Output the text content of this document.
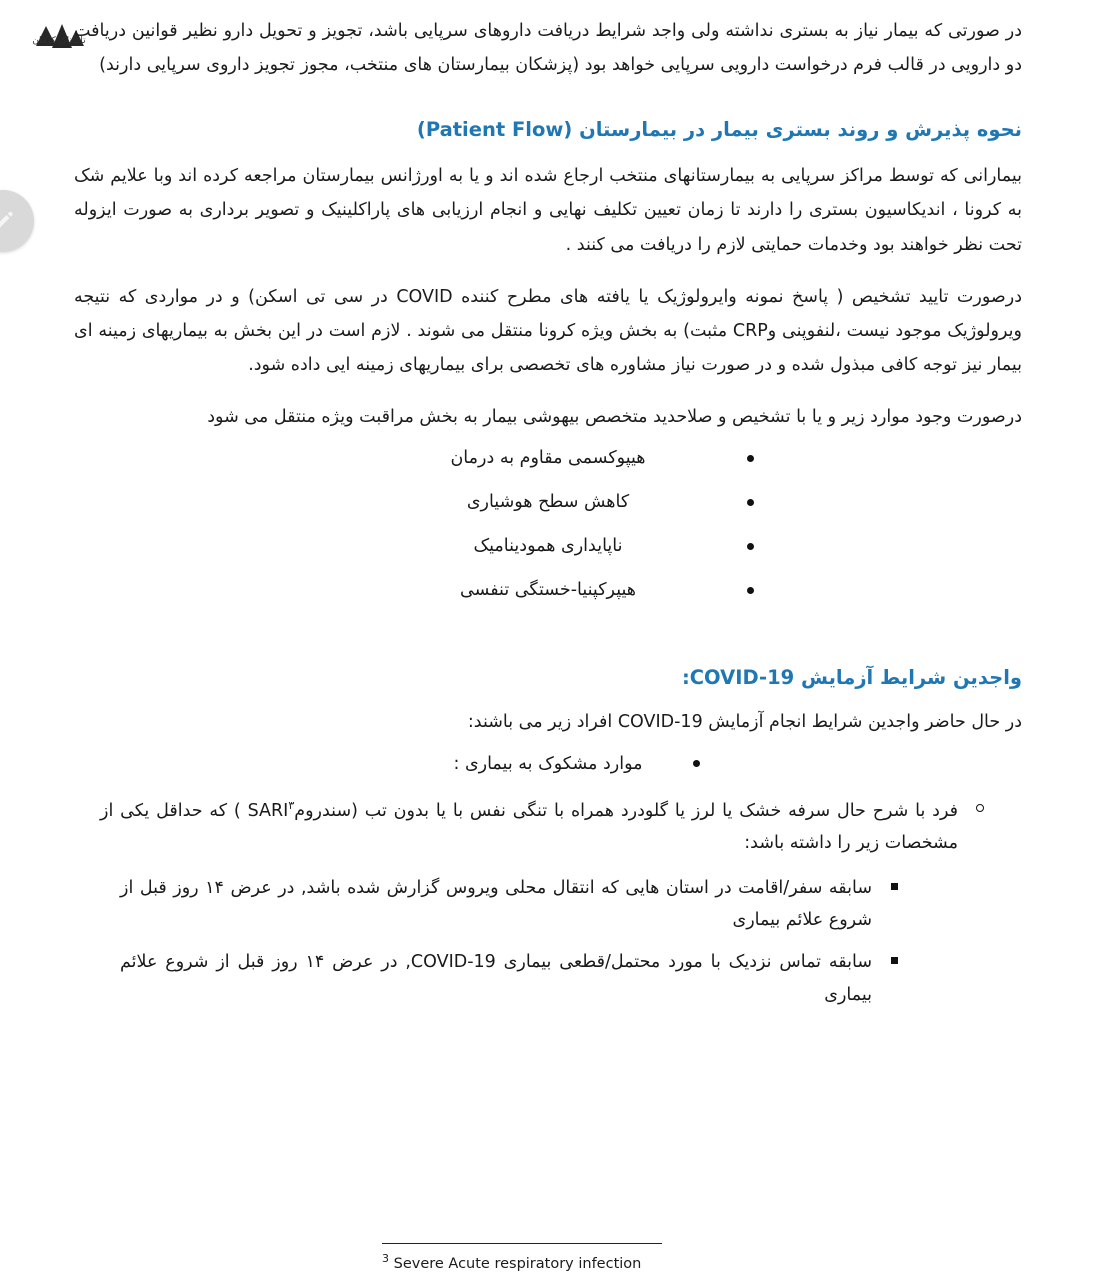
تاپ‌ناک کرمان

در صورتی که بیمار نیاز به بستری نداشته ولی واجد شرایط دریافت داروهای سرپایی باشد، تجویز و تحویل دارو نظیر قوانین دریافت دو دارویی در قالب فرم درخواست دارویی سرپایی خواهد بود (پزشکان بیمارستان های منتخب، مجوز تجویز داروی سرپایی دارند)

نحوه پذیرش و روند بستری بیمار در بیمارستان (Patient Flow)

بیمارانی که توسط مراکز سرپایی به بیمارستانهای منتخب ارجاع شده اند و یا به اورژانس بیمارستان مراجعه کرده اند وبا علایم شک به کرونا ، اندیکاسیون بستری را دارند تا زمان تعیین تکلیف نهایی و انجام ارزیابی های پاراکلینیک و تصویر برداری به صورت ایزوله تحت نظر خواهند بود وخدمات حمایتی لازم را دریافت می کنند .

درصورت تایید تشخیص ( پاسخ نمونه وایرولوژیک یا یافته های مطرح کننده COVID در سی تی اسکن) و در مواردی که نتیجه ویرولوژیک موجود نیست ،لنفوپنی وCRP مثبت) به بخش ویژه کرونا منتقل می شوند . لازم است در این بخش به بیماریهای زمینه ای بیمار نیز توجه کافی مبذول شده و در صورت نیاز مشاوره های تخصصی برای بیماریهای زمینه ایی داده شود.

درصورت وجود موارد زیر و یا با تشخیص و صلاحدید متخصص بیهوشی بیمار به بخش مراقبت ویژه منتقل می شود

هیپوکسمی مقاوم به درمان
کاهش سطح هوشیاری
ناپایداری همودینامیک
هیپرکپنیا-خستگی تنفسی
واجدین شرایط آزمایش COVID-19:

در حال حاضر واجدین شرایط انجام آزمایش COVID-19 افراد زیر می باشند:

موارد مشکوک به بیماری :
فرد با شرح حال سرفه خشک یا لرز یا گلودرد همراه با تنگی نفس با یا بدون تب (سندرومSARI$^۳$ ) که حداقل یکی از مشخصات زیر را داشته باشد:
سابقه سفر/اقامت در استان هایی که انتقال محلی ویروس گزارش شده باشد, در عرض ۱۴ روز قبل از شروع علائم بیماری
سابقه تماس نزدیک با مورد محتمل/قطعی بیماری COVID-19, در عرض ۱۴ روز قبل از شروع علائم بیماری
$^3$ Severe Acute respiratory infection
